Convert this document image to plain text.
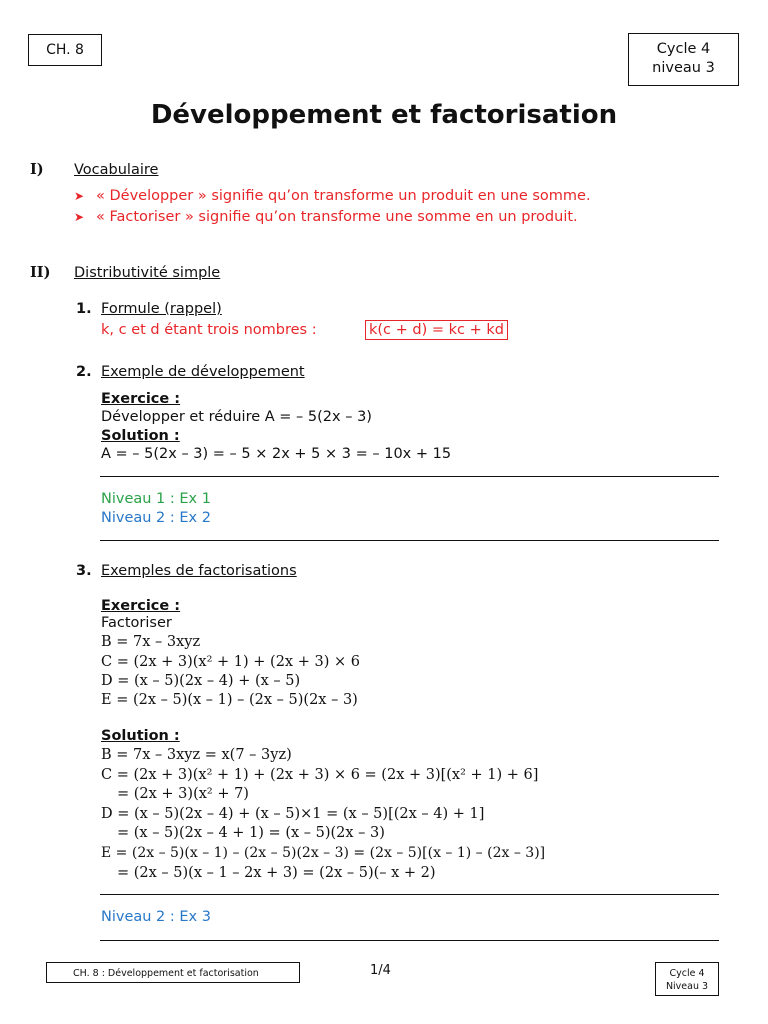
CH. 8	Cycle 4
niveau 3
Développement et factorisation
I) Vocabulaire
➤ « Développer » signifie qu’on transforme un produit en une somme.
➤ « Factoriser » signifie qu’on transforme une somme en un produit.
II) Distributivité simple
1. Formule (rappel)
k, c et d étant trois nombres :	k(c + d) = kc + kd
2. Exemple de développement
Exercice :
Développer et réduire A = – 5(2x – 3)
Solution :
A = – 5(2x – 3) = – 5 × 2x + 5 × 3 = – 10x + 15
Niveau 1 : Ex 1
Niveau 2 : Ex 2
3. Exemples de factorisations
Exercice :
Factoriser
B = 7x – 3xyz
C = (2x + 3)(x² + 1) + (2x + 3) × 6
D = (x – 5)(2x – 4) + (x – 5)
E = (2x – 5)(x – 1) – (2x – 5)(2x – 3)
Solution :
B = 7x – 3xyz = x(7 – 3yz)
C = (2x + 3)(x² + 1) + (2x + 3) × 6 = (2x + 3)[(x² + 1) + 6]
= (2x + 3)(x² + 7)
D = (x – 5)(2x – 4) + (x – 5)×1 = (x – 5)[(2x – 4) + 1]
= (x – 5)(2x – 4 + 1) = (x – 5)(2x – 3)
E = (2x – 5)(x – 1) – (2x – 5)(2x – 3) = (2x – 5)[(x – 1) – (2x – 3)]
= (2x – 5)(x – 1 – 2x + 3) = (2x – 5)(– x + 2)
Niveau 2 : Ex 3
CH. 8 : Développement et factorisation	1/4	Cycle 4
Niveau 3
